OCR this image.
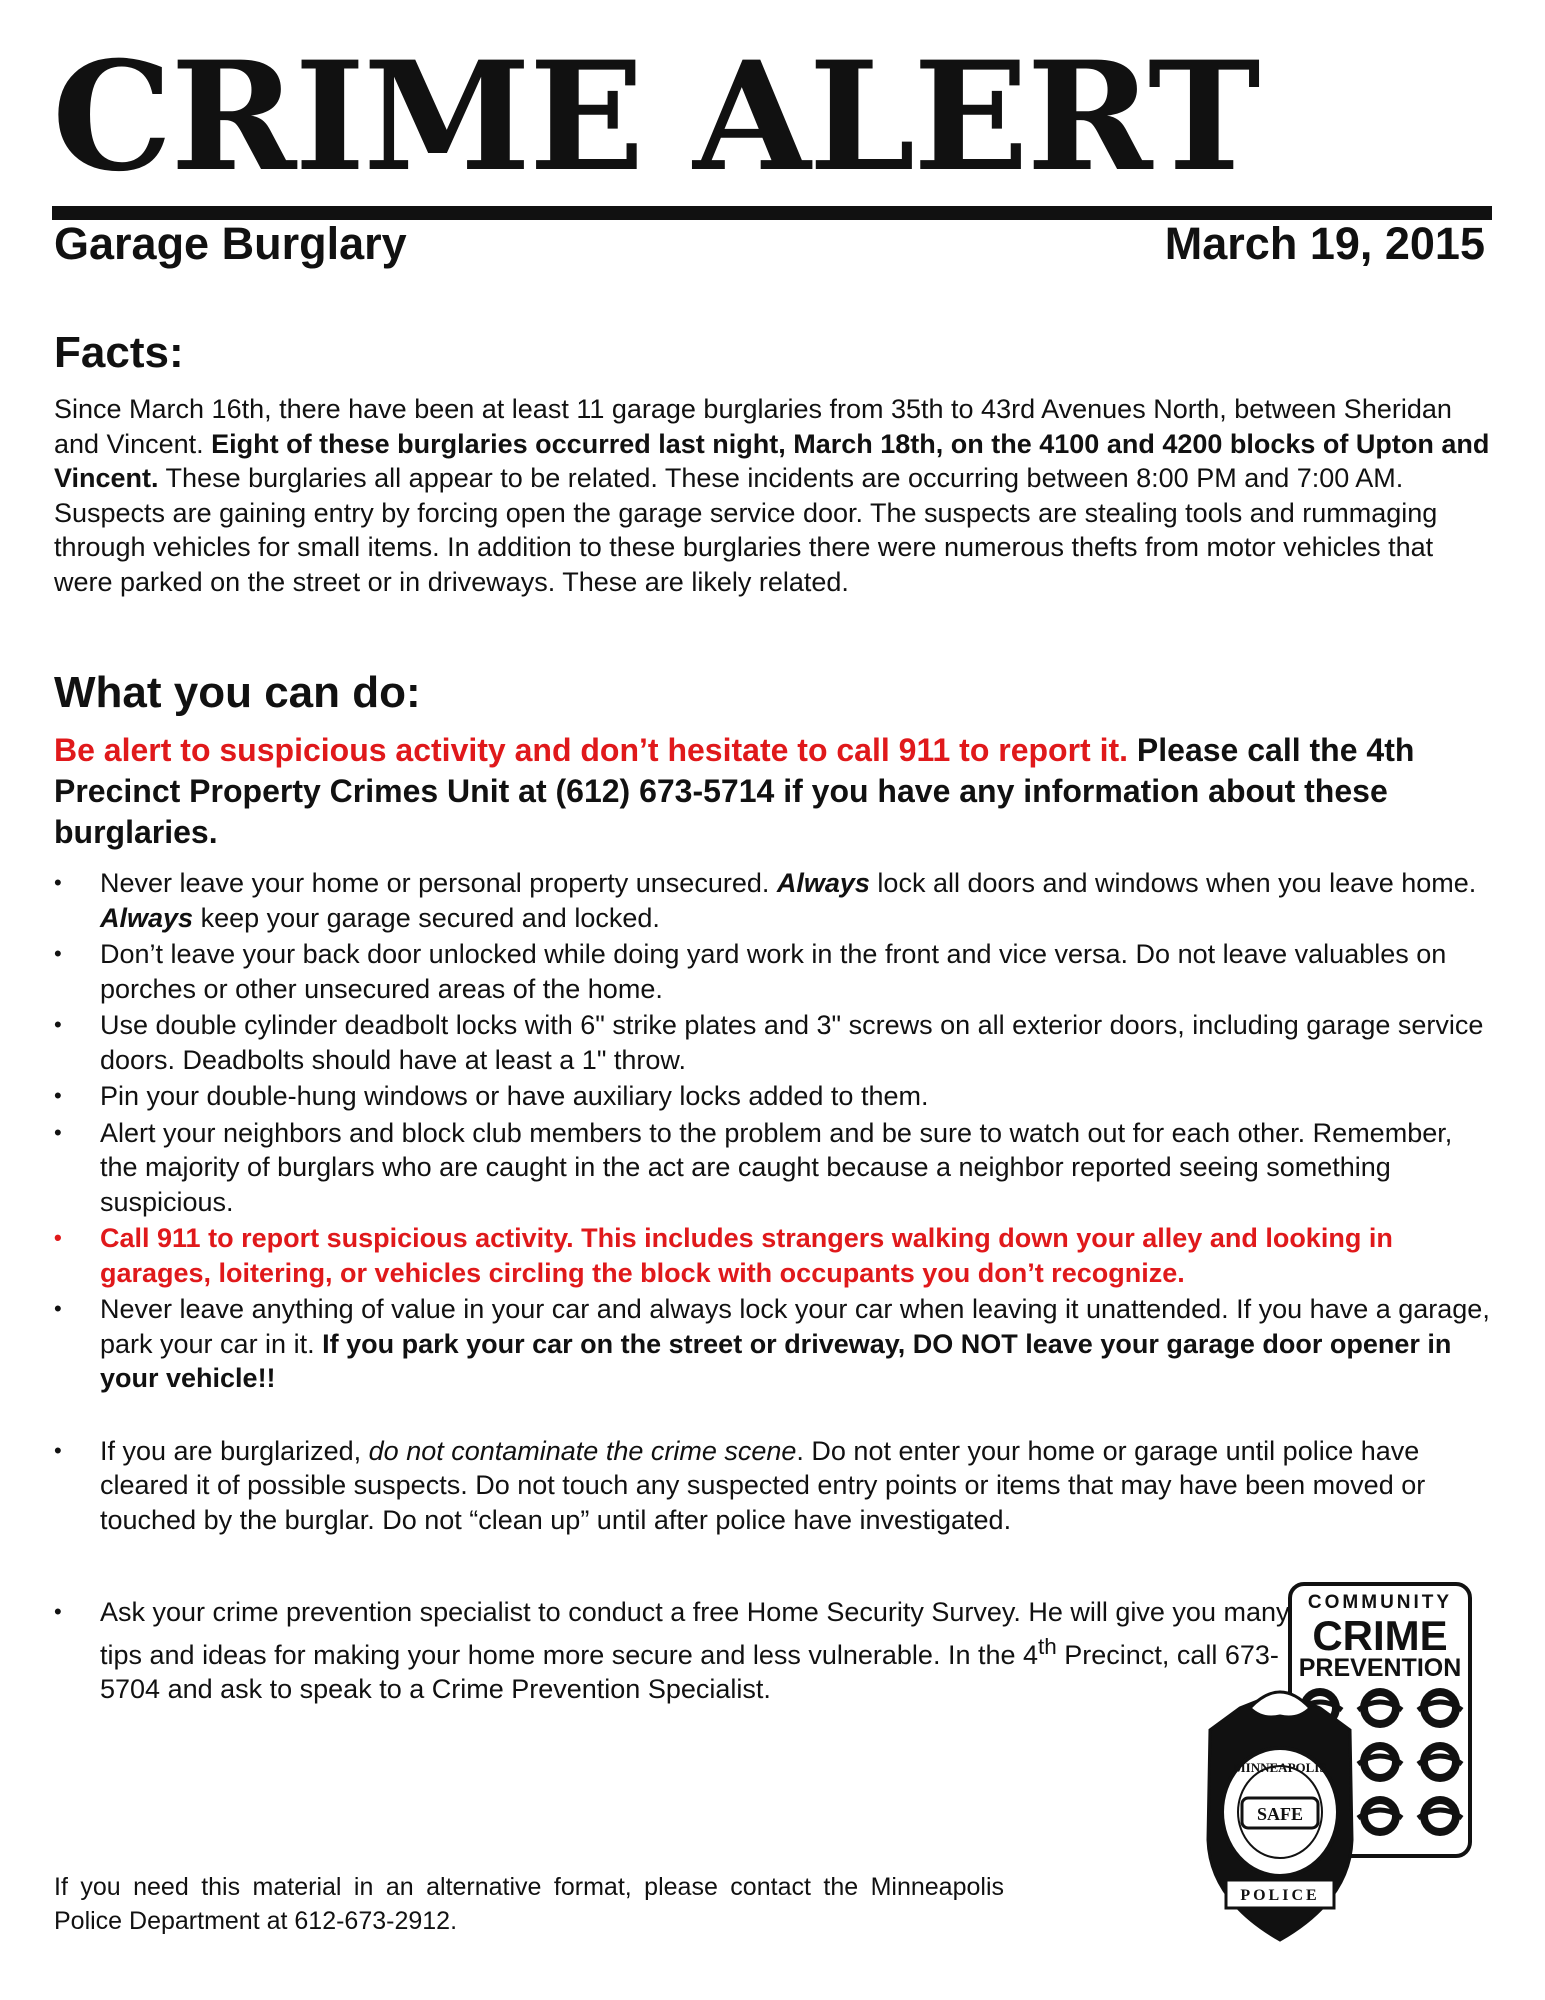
CRIME ALERT
Garage Burglary	March 19, 2015
Facts:

Since March 16th, there have been at least 11 garage burglaries from 35th to 43rd Avenues North, between Sheridan and Vincent. Eight of these burglaries occurred last night, March 18th, on the 4100 and 4200 blocks of Upton and Vincent. These burglaries all appear to be related. These incidents are occurring between 8:00 PM and 7:00 AM. Suspects are gaining entry by forcing open the garage service door. The suspects are stealing tools and rummaging through vehicles for small items. In addition to these burglaries there were numerous thefts from motor vehicles that were parked on the street or in driveways. These are likely related.

What you can do:

Be alert to suspicious activity and don’t hesitate to call 911 to report it. Please call the 4th Precinct Property Crimes Unit at (612) 673-5714 if you have any information about these burglaries.

• Never leave your home or personal property unsecured. Always lock all doors and windows when you leave home. Always keep your garage secured and locked.
• Don’t leave your back door unlocked while doing yard work in the front and vice versa. Do not leave valuables on porches or other unsecured areas of the home.
• Use double cylinder deadbolt locks with 6" strike plates and 3" screws on all exterior doors, including garage service doors. Deadbolts should have at least a 1" throw.
• Pin your double-hung windows or have auxiliary locks added to them.
• Alert your neighbors and block club members to the problem and be sure to watch out for each other. Remember, the majority of burglars who are caught in the act are caught because a neighbor reported seeing something suspicious.
• Call 911 to report suspicious activity. This includes strangers walking down your alley and looking in garages, loitering, or vehicles circling the block with occupants you don’t recognize.
• Never leave anything of value in your car and always lock your car when leaving it unattended. If you have a garage, park your car in it. If you park your car on the street or driveway, DO NOT leave your garage door opener in your vehicle!!
• If you are burglarized, do not contaminate the crime scene. Do not enter your home or garage until police have cleared it of possible suspects. Do not touch any suspected entry points or items that may have been moved or touched by the burglar. Do not “clean up” until after police have investigated.
• Ask your crime prevention specialist to conduct a free Home Security Survey. He will give you many tips and ideas for making your home more secure and less vulnerable. In the 4th Precinct, call 673-5704 and ask to speak to a Crime Prevention Specialist.

If you need this material in an alternative format, please contact the Minneapolis Police Department at 612-673-2912.

COMMUNITY
CRIME
PREVENTION
MINNEAPOLIS
SAFE
POLICE
